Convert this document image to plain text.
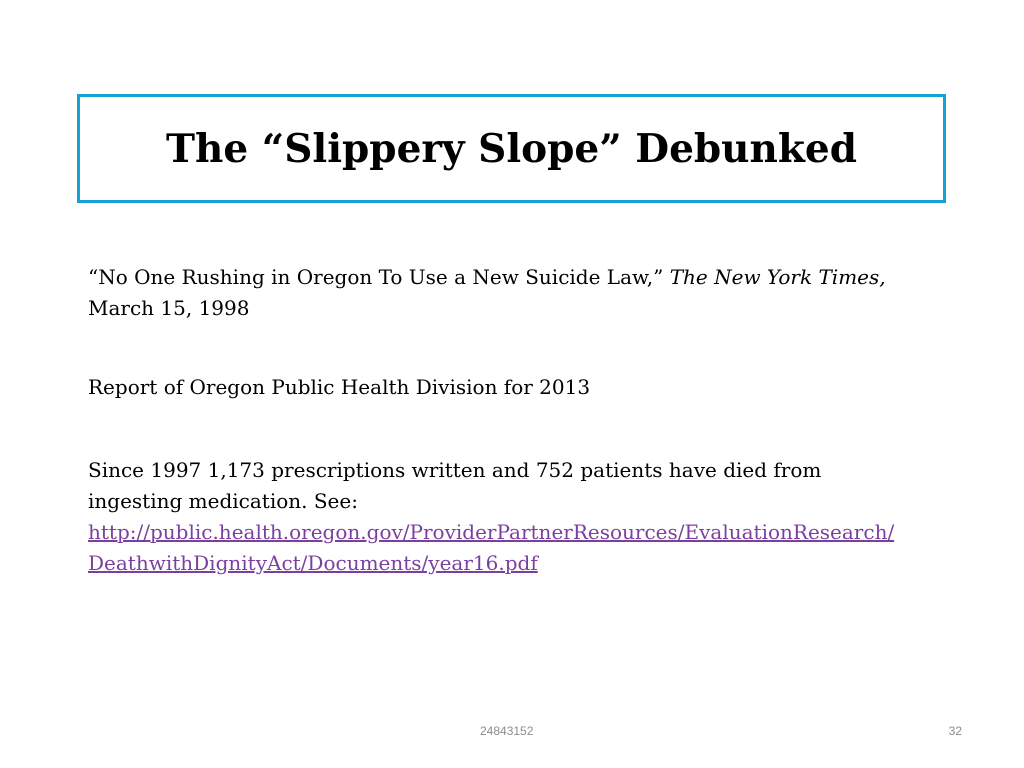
The “Slippery Slope” Debunked

“No One Rushing in Oregon To Use a New Suicide Law,” The New York Times, March 15, 1998

Report of Oregon Public Health Division for 2013

Since 1997 1,173 prescriptions written and 752 patients have died from ingesting medication. See:
http://public.health.oregon.gov/ProviderPartnerResources/EvaluationResearch/DeathwithDignityAct/Documents/year16.pdf

24843152	32
